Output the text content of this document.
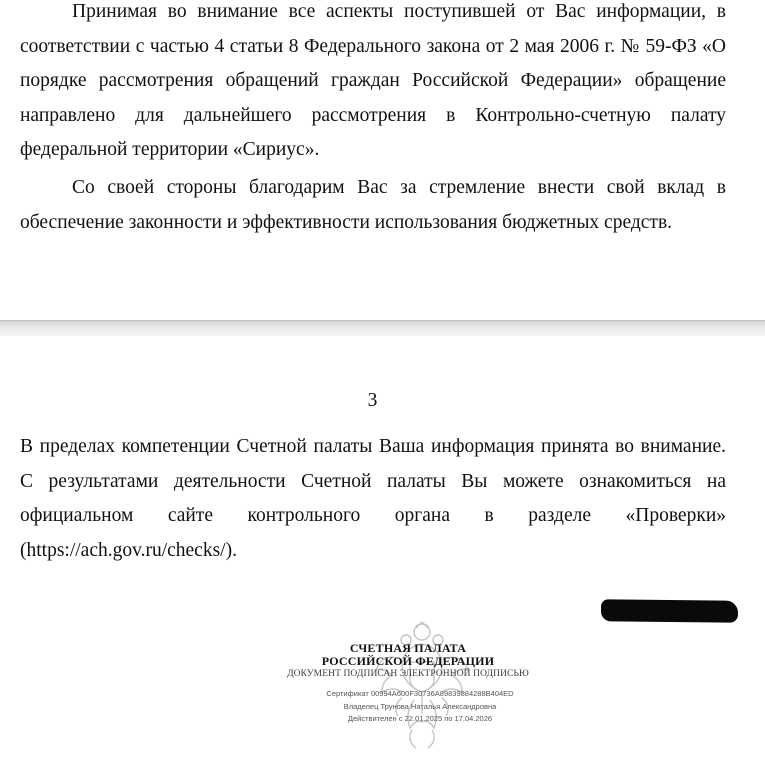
Принимая во внимание все аспекты поступившей от Вас информации, в соответствии с частью 4 статьи 8 Федерального закона от 2 мая 2006 г. № 59-ФЗ «О порядке рассмотрения обращений граждан Российской Федерации» обращение направлено для дальнейшего рассмотрения в Контрольно-счетную палату федеральной территории «Сириус».

Со своей стороны благодарим Вас за стремление внести свой вклад в обеспечение законности и эффективности использования бюджетных средств.

3

В пределах компетенции Счетной палаты Ваша информация принята во внимание. С результатами деятельности Счетной палаты Вы можете ознакомиться на официальном сайте контрольного органа в разделе «Проверки» (https://ach.gov.ru/checks/).

СЧЕТНАЯ ПАЛАТА
РОССИЙСКОЙ ФЕДЕРАЦИИ
ДОКУМЕНТ ПОДПИСАН ЭЛЕКТРОННОЙ ПОДПИСЬЮ
Сертификат 00994A600F30736A89839884288B404ED
Владелец Трунова Наталья Александровна
Действителен с 22.01.2025 по 17.04.2026
